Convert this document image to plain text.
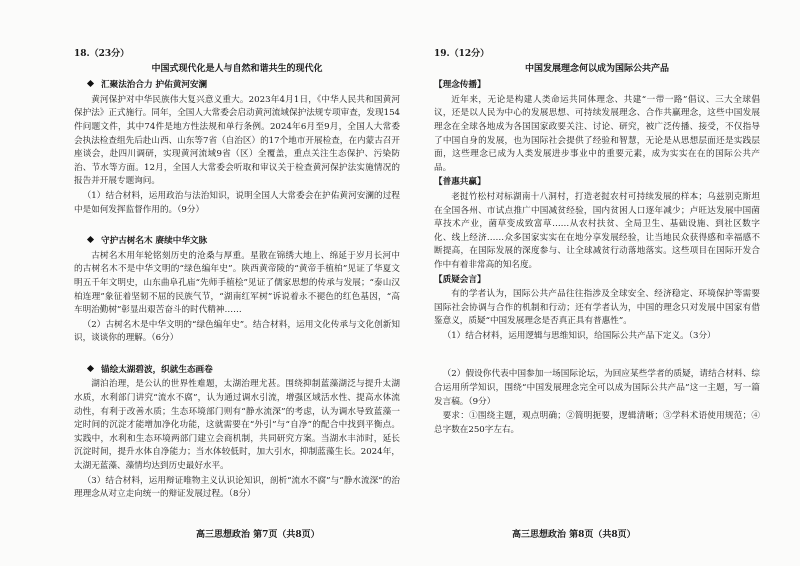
18.（23分）
中国式现代化是人与自然和谐共生的现代化
汇聚法治合力 护佑黄河安澜
黄河保护对中华民族伟大复兴意义重大。2023年4月1日，《中华人民共和国黄河保护法》正式施行。同年，全国人大常委会启动黄河流域保护法规专项审查，发现154件问题文件，其中74件是地方性法规和单行条例。2024年6月至9月，全国人大常委会执法检查组先后赴山西、山东等7省（自治区）的17个地市开展检查，在内蒙古召开座谈会，赴四川调研，实现黄河流域9省（区）全覆盖，重点关注生态保护、污染防治、节水等方面。12月，全国人大常委会听取和审议关于检查黄河保护法实施情况的报告并开展专题询问。
（1）结合材料，运用政治与法治知识，说明全国人大常委会在护佑黄河安澜的过程中是如何发挥监督作用的。（9分）
守护古树名木 赓续中华文脉
古树名木用年轮铭刻历史的沧桑与厚重。星散在锦绣大地上、绵延于岁月长河中的古树名木不是中华文明的“绿色编年史”。陕西黄帝陵的“黄帝手植柏”见证了华夏文明五千年文明史，山东曲阜孔庙“先师手植桧”见证了儒家思想的传承与发展；“泰山汉柏连理”象征着坚韧不屈的民族气节，“湖南红军树”诉说着永不褪色的红色基因，“高车明治勤树”彰显出艰苦奋斗的时代精神……
（2）古树名木是中华文明的“绿色编年史”。结合材料，运用文化传承与文化创新知识，谈谈你的理解。（6分）
锚绘太湖碧波，织就生态画卷
湖泊治理，是公认的世界性难题，太湖治理尤甚。围绕抑制蓝藻湖泛与提升太湖水质，水利部门讲究“流水不腐”，认为通过调水引流，增强区域活水性、提高水体流动性，有利于改善水质；生态环境部门则有“静水流深”的考虑，认为调水导致蓝藻一定时间的沉淀才能增加净化功能，这就需要在“外引”与“自净”的配合中找到平衡点。实践中，水利和生态环境两部门建立会商机制，共同研究方案。当湖水丰沛时，延长沉淀时间，提升水体自净能力；当水体较低时，加大引水，抑制蓝藻生长。2024年，太湖无蓝藻、藻情均达到历史最好水平。
（3）结合材料，运用辩证唯物主义认识论知识，剖析“流水不腐”与“静水流深”的治理理念从对立走向统一的辩证发展过程。（8分）
19.（12分）
中国发展理念何以成为国际公共产品
【理念传播】
近年来，无论是构建人类命运共同体理念、共建“一带一路”倡议、三大全球倡议，还是以人民为中心的发展思想、可持续发展理念、合作共赢理念，这些中国发展理念在全球各地成为各国国家政要关注、讨论、研究，被广泛传播、接受，不仅指导了中国自身的发展，也为国际社会提供了经验和智慧，无论是从思想层面还是实践层面，这些理念已成为人类发展进步事业中的重要元素，成为实实在在的国际公共产品。
【普惠共赢】
老挝竹松村对标湖南十八洞村，打造老挝农村可持续发展的样本；乌兹别克斯坦在全国各州、市试点推广中国减贫经验，国内贫困人口逐年减少；卢旺达发展中国菌草技术产业，菌草变成致富草……从农村扶贫、全局卫生、基础设施、到社区数字化、线上经济……众多国家实实在在地分享发展经验，让当地民众获得感和幸福感不断提高，在国际发展的深度参与、让全球减贫行动落地落实。这些项目在国际开发合作中有着非常高的知名度。
【质疑会言】
有的学者认为，国际公共产品往往指涉及全球安全、经济稳定、环境保护等需要国际社会协调与合作的机制和行动；还有学者认为，中国的理念只对发展中国家有借鉴意义，质疑“中国发展理念是否真正具有普惠性”。
（1）结合材料，运用逻辑与思维知识，给国际公共产品下定义。（3分）
（2）假设你代表中国参加一场国际论坛，为回应某些学者的质疑，请结合材料、综合运用所学知识，围绕“中国发展理念完全可以成为国际公共产品”这一主题，写一篇发言稿。（9分）
要求：①围绕主题，观点明确；②简明扼要，逻辑清晰；③学科术语使用规范；④总字数在250字左右。
高三思想政治 第7页（共8页）	高三思想政治 第8页（共8页）
